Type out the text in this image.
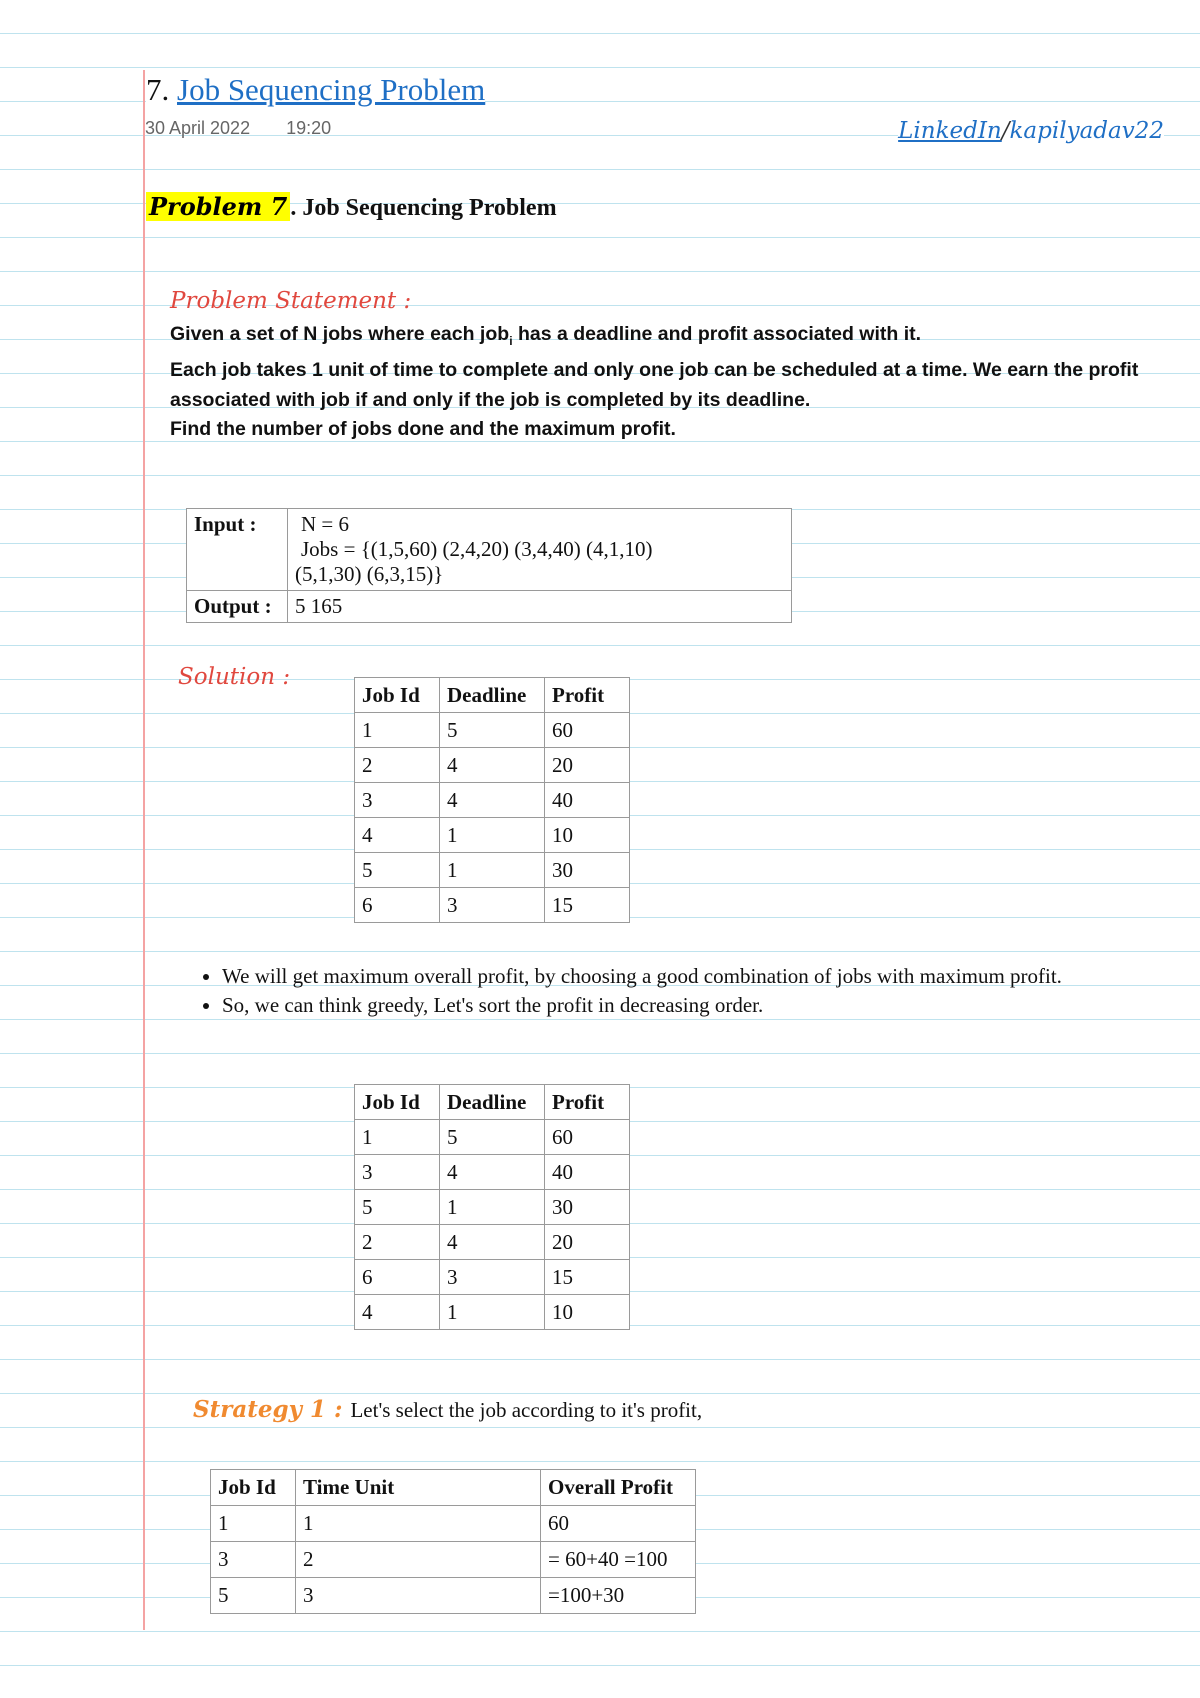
7. Job Sequencing Problem
30 April 2022 19:20	LinkedIn/kapilyadav22
Problem 7 . Job Sequencing Problem
Problem Statement :

Given a set of N jobs where each job$_i$ has a deadline and profit associated with it.

Each job takes 1 unit of time to complete and only one job can be scheduled at a time. We earn the profit associated with job if and only if the job is completed by its deadline.

Find the number of jobs done and the maximum profit.

Input :	N = 6
Jobs = {(1,5,60) (2,4,20) (3,4,40) (4,1,10)
(5,1,30) (6,3,15)}

Output :	5 165
Solution :
Job Id	Deadline	Profit
1	5	60
2	4	20
3	4	40
4	1	10
5	1	30
6	3	15
• We will get maximum overall profit, by choosing a good combination of jobs with maximum profit.
• So, we can think greedy, Let's sort the profit in decreasing order.
Job Id	Deadline	Profit
1	5	60
3	4	40
5	1	30
2	4	20
6	3	15
4	1	10
Strategy 1 : Let's select the job according to it's profit,
Job Id	Time Unit	Overall Profit
1	1	60
3	2	= 60+40 =100
5	3	=100+30
